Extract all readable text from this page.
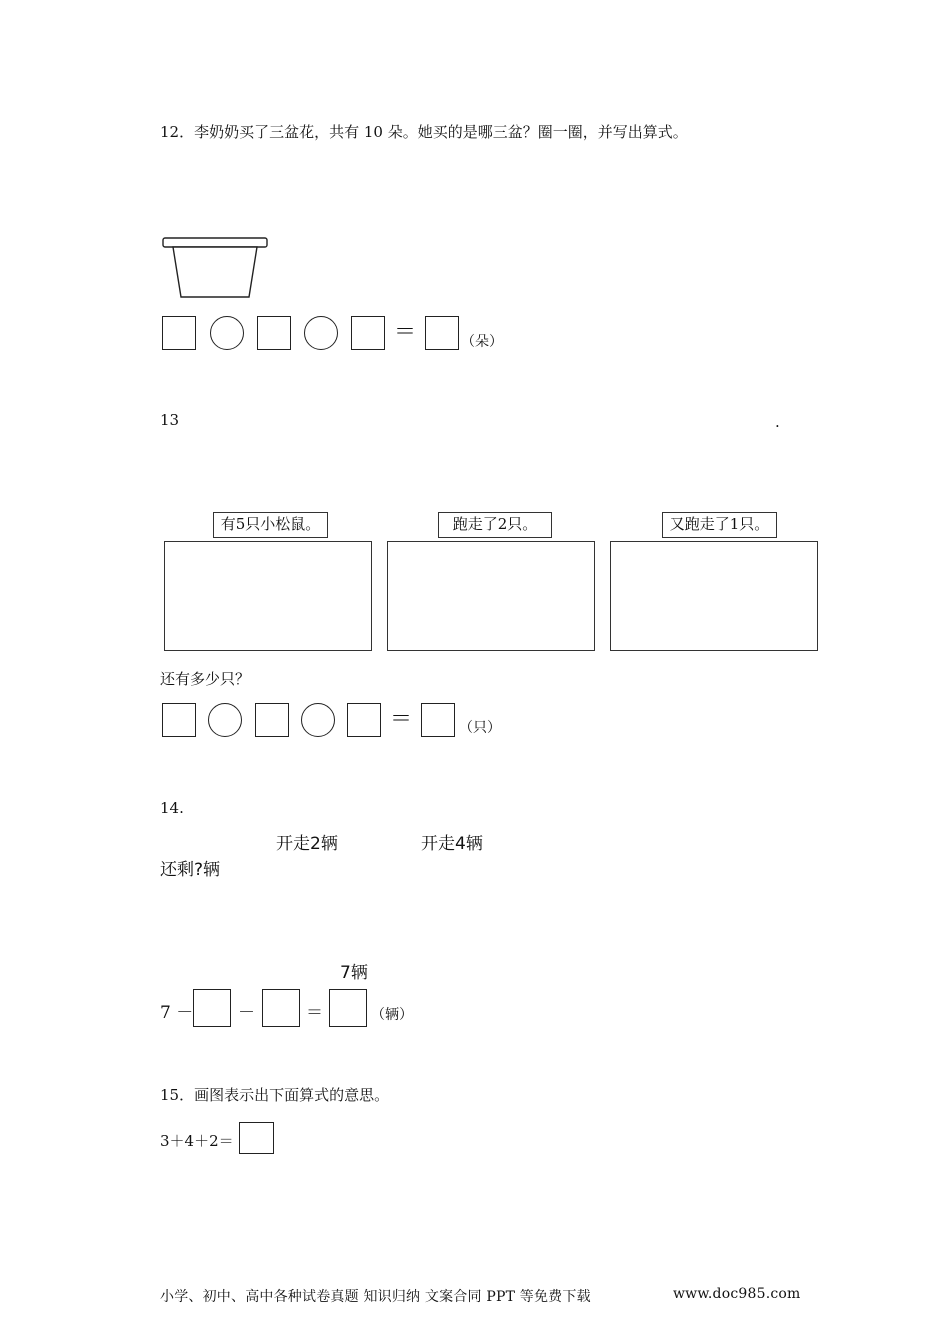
12．李奶奶买了三盆花，共有 10 朵。她买的是哪三盆？圈一圈，并写出算式。
＝	（朵）
13	.
有5只小松鼠。	跑走了2只。	又跑走了1只。
还有多少只？
＝	（只）
14.
还剩?辆
开走2辆	开走4辆
7辆
7 －	－	＝	（辆）
15．画图表示出下面算式的意思。
3＋4＋2＝
小学、初中、高中各种试卷真题 知识归纳 文案合同 PPT 等免费下载	www.doc985.com
